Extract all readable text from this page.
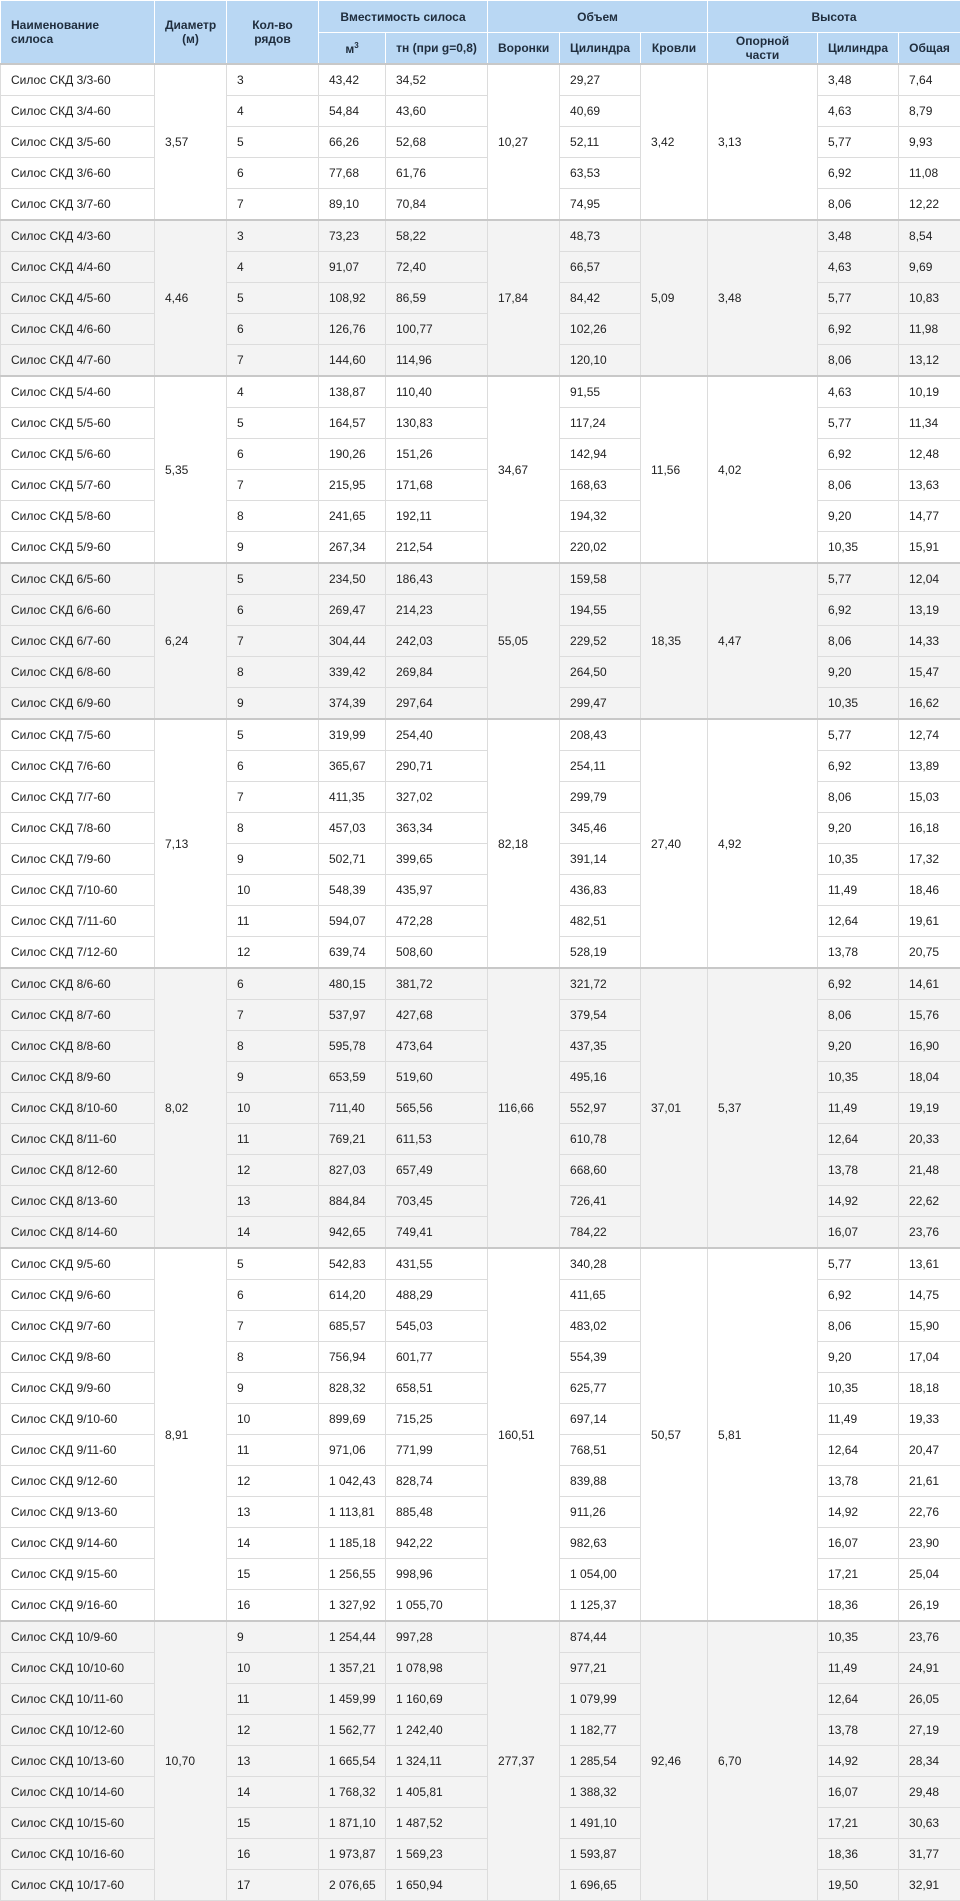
Наименование силоса	Диаметр (м)	Кол-во рядов	Вместимость силоса		Объем			Высота		
			$м^3$	тн (при g=0,8)	Воронки	Цилиндра	Кровли	Опорной части	Цилиндра	Общая
Силос СКД 3/3-60	3,57	3	43,42	34,52	10,27	29,27	3,42	3,13	3,48	7,64
Силос СКД 3/4-60		4	54,84	43,60		40,69			4,63	8,79
Силос СКД 3/5-60		5	66,26	52,68		52,11			5,77	9,93
Силос СКД 3/6-60		6	77,68	61,76		63,53			6,92	11,08
Силос СКД 3/7-60		7	89,10	70,84		74,95			8,06	12,22
Силос СКД 4/3-60	4,46	3	73,23	58,22	17,84	48,73	5,09	3,48	3,48	8,54
Силос СКД 4/4-60		4	91,07	72,40		66,57			4,63	9,69
Силос СКД 4/5-60		5	108,92	86,59		84,42			5,77	10,83
Силос СКД 4/6-60		6	126,76	100,77		102,26			6,92	11,98
Силос СКД 4/7-60		7	144,60	114,96		120,10			8,06	13,12
Силос СКД 5/4-60	5,35	4	138,87	110,40	34,67	91,55	11,56	4,02	4,63	10,19
Силос СКД 5/5-60		5	164,57	130,83		117,24			5,77	11,34
Силос СКД 5/6-60		6	190,26	151,26		142,94			6,92	12,48
Силос СКД 5/7-60		7	215,95	171,68		168,63			8,06	13,63
Силос СКД 5/8-60		8	241,65	192,11		194,32			9,20	14,77
Силос СКД 5/9-60		9	267,34	212,54		220,02			10,35	15,91
Силос СКД 6/5-60	6,24	5	234,50	186,43	55,05	159,58	18,35	4,47	5,77	12,04
Силос СКД 6/6-60		6	269,47	214,23		194,55			6,92	13,19
Силос СКД 6/7-60		7	304,44	242,03		229,52			8,06	14,33
Силос СКД 6/8-60		8	339,42	269,84		264,50			9,20	15,47
Силос СКД 6/9-60		9	374,39	297,64		299,47			10,35	16,62
Силос СКД 7/5-60	7,13	5	319,99	254,40	82,18	208,43	27,40	4,92	5,77	12,74
Силос СКД 7/6-60		6	365,67	290,71		254,11			6,92	13,89
Силос СКД 7/7-60		7	411,35	327,02		299,79			8,06	15,03
Силос СКД 7/8-60		8	457,03	363,34		345,46			9,20	16,18
Силос СКД 7/9-60		9	502,71	399,65		391,14			10,35	17,32
Силос СКД 7/10-60		10	548,39	435,97		436,83			11,49	18,46
Силос СКД 7/11-60		11	594,07	472,28		482,51			12,64	19,61
Силос СКД 7/12-60		12	639,74	508,60		528,19			13,78	20,75
Силос СКД 8/6-60	8,02	6	480,15	381,72	116,66	321,72	37,01	5,37	6,92	14,61
Силос СКД 8/7-60		7	537,97	427,68		379,54			8,06	15,76
Силос СКД 8/8-60		8	595,78	473,64		437,35			9,20	16,90
Силос СКД 8/9-60		9	653,59	519,60		495,16			10,35	18,04
Силос СКД 8/10-60		10	711,40	565,56		552,97			11,49	19,19
Силос СКД 8/11-60		11	769,21	611,53		610,78			12,64	20,33
Силос СКД 8/12-60		12	827,03	657,49		668,60			13,78	21,48
Силос СКД 8/13-60		13	884,84	703,45		726,41			14,92	22,62
Силос СКД 8/14-60		14	942,65	749,41		784,22			16,07	23,76
Силос СКД 9/5-60	8,91	5	542,83	431,55	160,51	340,28	50,57	5,81	5,77	13,61
Силос СКД 9/6-60		6	614,20	488,29		411,65			6,92	14,75
Силос СКД 9/7-60		7	685,57	545,03		483,02			8,06	15,90
Силос СКД 9/8-60		8	756,94	601,77		554,39			9,20	17,04
Силос СКД 9/9-60		9	828,32	658,51		625,77			10,35	18,18
Силос СКД 9/10-60		10	899,69	715,25		697,14			11,49	19,33
Силос СКД 9/11-60		11	971,06	771,99		768,51			12,64	20,47
Силос СКД 9/12-60		12	1 042,43	828,74		839,88			13,78	21,61
Силос СКД 9/13-60		13	1 113,81	885,48		911,26			14,92	22,76
Силос СКД 9/14-60		14	1 185,18	942,22		982,63			16,07	23,90
Силос СКД 9/15-60		15	1 256,55	998,96		1 054,00			17,21	25,04
Силос СКД 9/16-60		16	1 327,92	1 055,70		1 125,37			18,36	26,19
Силос СКД 10/9-60	10,70	9	1 254,44	997,28	277,37	874,44	92,46	6,70	10,35	23,76
Силос СКД 10/10-60		10	1 357,21	1 078,98		977,21			11,49	24,91
Силос СКД 10/11-60		11	1 459,99	1 160,69		1 079,99			12,64	26,05
Силос СКД 10/12-60		12	1 562,77	1 242,40		1 182,77			13,78	27,19
Силос СКД 10/13-60		13	1 665,54	1 324,11		1 285,54			14,92	28,34
Силос СКД 10/14-60		14	1 768,32	1 405,81		1 388,32			16,07	29,48
Силос СКД 10/15-60		15	1 871,10	1 487,52		1 491,10			17,21	30,63
Силос СКД 10/16-60		16	1 973,87	1 569,23		1 593,87			18,36	31,77
Силос СКД 10/17-60		17	2 076,65	1 650,94		1 696,65			19,50	32,91
